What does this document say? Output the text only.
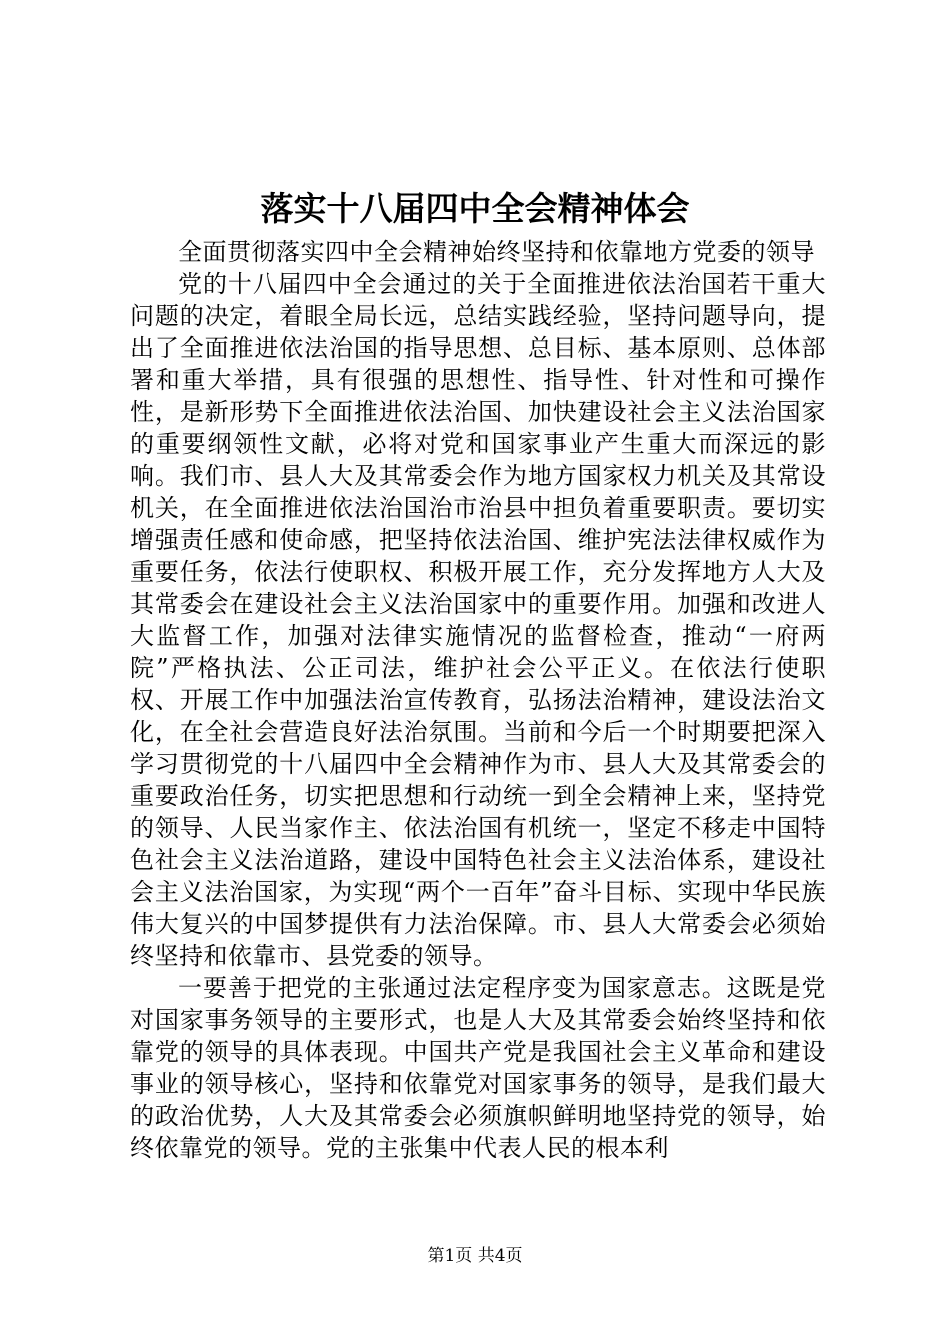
落实十八届四中全会精神体会

全面贯彻落实四中全会精神始终坚持和依靠地方党委的领导

党的十八届四中全会通过的关于全面推进依法治国若干重大问题的决定，着眼全局长远，总结实践经验，坚持问题导向，提出了全面推进依法治国的指导思想、总目标、基本原则、总体部署和重大举措，具有很强的思想性、指导性、针对性和可操作性，是新形势下全面推进依法治国、加快建设社会主义法治国家的重要纲领性文献，必将对党和国家事业产生重大而深远的影响。我们市、县人大及其常委会作为地方国家权力机关及其常设机关，在全面推进依法治国治市治县中担负着重要职责。要切实增强责任感和使命感，把坚持依法治国、维护宪法法律权威作为重要任务，依法行使职权、积极开展工作，充分发挥地方人大及其常委会在建设社会主义法治国家中的重要作用。加强和改进人大监督工作，加强对法律实施情况的监督检查，推动“一府两院”严格执法、公正司法，维护社会公平正义。在依法行使职权、开展工作中加强法治宣传教育，弘扬法治精神，建设法治文化，在全社会营造良好法治氛围。当前和今后一个时期要把深入学习贯彻党的十八届四中全会精神作为市、县人大及其常委会的重要政治任务，切实把思想和行动统一到全会精神上来，坚持党的领导、人民当家作主、依法治国有机统一，坚定不移走中国特色社会主义法治道路，建设中国特色社会主义法治体系，建设社会主义法治国家，为实现“两个一百年”奋斗目标、实现中华民族伟大复兴的中国梦提供有力法治保障。市、县人大常委会必须始终坚持和依靠市、县党委的领导。

一要善于把党的主张通过法定程序变为国家意志。这既是党对国家事务领导的主要形式，也是人大及其常委会始终坚持和依靠党的领导的具体表现。中国共产党是我国社会主义革命和建设事业的领导核心，坚持和依靠党对国家事务的领导，是我们最大的政治优势，人大及其常委会必须旗帜鲜明地坚持党的领导，始终依靠党的领导。党的主张集中代表人民的根本利

第1页 共4页
